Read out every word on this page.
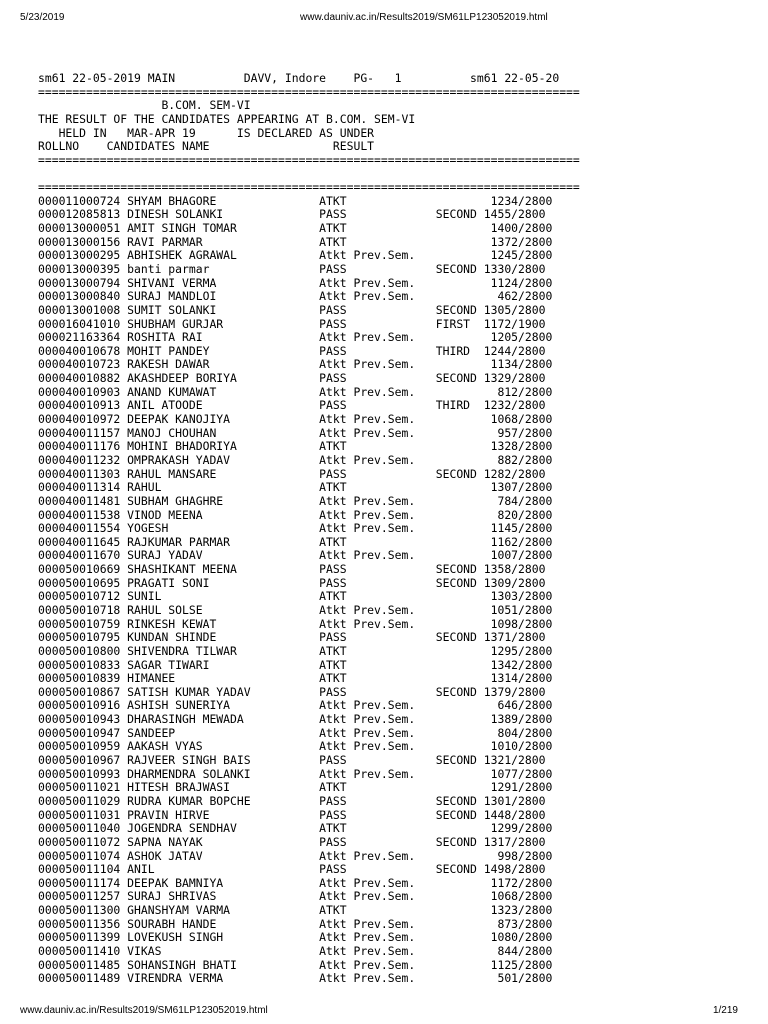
5/23/2019	www.dauniv.ac.in/Results2019/SM61LP123052019.html
sm61 22-05-2019 MAIN          DAVV, Indore    PG-   1          sm61 22-05-20
===============================================================================
B.COM. SEM-VI
THE RESULT OF THE CANDIDATES APPEARING AT B.COM. SEM-VI
HELD IN   MAR-APR 19      IS DECLARED AS UNDER
ROLLNO    CANDIDATES NAME                  RESULT
===============================================================================
===============================================================================
000011000724 SHYAM BHAGORE               ATKT                     1234/2800
000012085813 DINESH SOLANKI              PASS             SECOND 1455/2800
000013000051 AMIT SINGH TOMAR            ATKT                     1400/2800
000013000156 RAVI PARMAR                 ATKT                     1372/2800
000013000295 ABHISHEK AGRAWAL            Atkt Prev.Sem.           1245/2800
000013000395 banti parmar                PASS             SECOND 1330/2800
000013000794 SHIVANI VERMA               Atkt Prev.Sem.           1124/2800
000013000840 SURAJ MANDLOI               Atkt Prev.Sem.            462/2800
000013001008 SUMIT SOLANKI               PASS             SECOND 1305/2800
000016041010 SHUBHAM GURJAR              PASS             FIRST  1172/1900
000021163364 ROSHITA RAI                 Atkt Prev.Sem.           1205/2800
000040010678 MOHIT PANDEY                PASS             THIRD  1244/2800
000040010723 RAKESH DAWAR                Atkt Prev.Sem.           1134/2800
000040010882 AKASHDEEP BORIYA            PASS             SECOND 1329/2800
000040010903 ANAND KUMAWAT               Atkt Prev.Sem.            812/2800
000040010913 ANIL ATOODE                 PASS             THIRD  1232/2800
000040010972 DEEPAK KANOJIYA             Atkt Prev.Sem.           1068/2800
000040011157 MANOJ CHOUHAN               Atkt Prev.Sem.            957/2800
000040011176 MOHINI BHADORIYA            ATKT                     1328/2800
000040011232 OMPRAKASH YADAV             Atkt Prev.Sem.            882/2800
000040011303 RAHUL MANSARE               PASS             SECOND 1282/2800
000040011314 RAHUL                       ATKT                     1307/2800
000040011481 SUBHAM GHAGHRE              Atkt Prev.Sem.            784/2800
000040011538 VINOD MEENA                 Atkt Prev.Sem.            820/2800
000040011554 YOGESH                      Atkt Prev.Sem.           1145/2800
000040011645 RAJKUMAR PARMAR             ATKT                     1162/2800
000040011670 SURAJ YADAV                 Atkt Prev.Sem.           1007/2800
000050010669 SHASHIKANT MEENA            PASS             SECOND 1358/2800
000050010695 PRAGATI SONI                PASS             SECOND 1309/2800
000050010712 SUNIL                       ATKT                     1303/2800
000050010718 RAHUL SOLSE                 Atkt Prev.Sem.           1051/2800
000050010759 RINKESH KEWAT               Atkt Prev.Sem.           1098/2800
000050010795 KUNDAN SHINDE               PASS             SECOND 1371/2800
000050010800 SHIVENDRA TILWAR            ATKT                     1295/2800
000050010833 SAGAR TIWARI                ATKT                     1342/2800
000050010839 HIMANEE                     ATKT                     1314/2800
000050010867 SATISH KUMAR YADAV          PASS             SECOND 1379/2800
000050010916 ASHISH SUNERIYA             Atkt Prev.Sem.            646/2800
000050010943 DHARASINGH MEWADA           Atkt Prev.Sem.           1389/2800
000050010947 SANDEEP                     Atkt Prev.Sem.            804/2800
000050010959 AAKASH VYAS                 Atkt Prev.Sem.           1010/2800
000050010967 RAJVEER SINGH BAIS          PASS             SECOND 1321/2800
000050010993 DHARMENDRA SOLANKI          Atkt Prev.Sem.           1077/2800
000050011021 HITESH BRAJWASI             ATKT                     1291/2800
000050011029 RUDRA KUMAR BOPCHE          PASS             SECOND 1301/2800
000050011031 PRAVIN HIRVE                PASS             SECOND 1448/2800
000050011040 JOGENDRA SENDHAV            ATKT                     1299/2800
000050011072 SAPNA NAYAK                 PASS             SECOND 1317/2800
000050011074 ASHOK JATAV                 Atkt Prev.Sem.            998/2800
000050011104 ANIL                        PASS             SECOND 1498/2800
000050011174 DEEPAK BAMNIYA              Atkt Prev.Sem.           1172/2800
000050011257 SURAJ SHRIVAS               Atkt Prev.Sem.           1068/2800
000050011300 GHANSHYAM VARMA             ATKT                     1323/2800
000050011356 SOURABH HANDE               Atkt Prev.Sem.            873/2800
000050011399 LOVEKUSH SINGH              Atkt Prev.Sem.           1080/2800
000050011410 VIKAS                       Atkt Prev.Sem.            844/2800
000050011485 SOHANSINGH BHATI            Atkt Prev.Sem.           1125/2800
000050011489 VIRENDRA VERMA              Atkt Prev.Sem.            501/2800
www.dauniv.ac.in/Results2019/SM61LP123052019.html	1/219
